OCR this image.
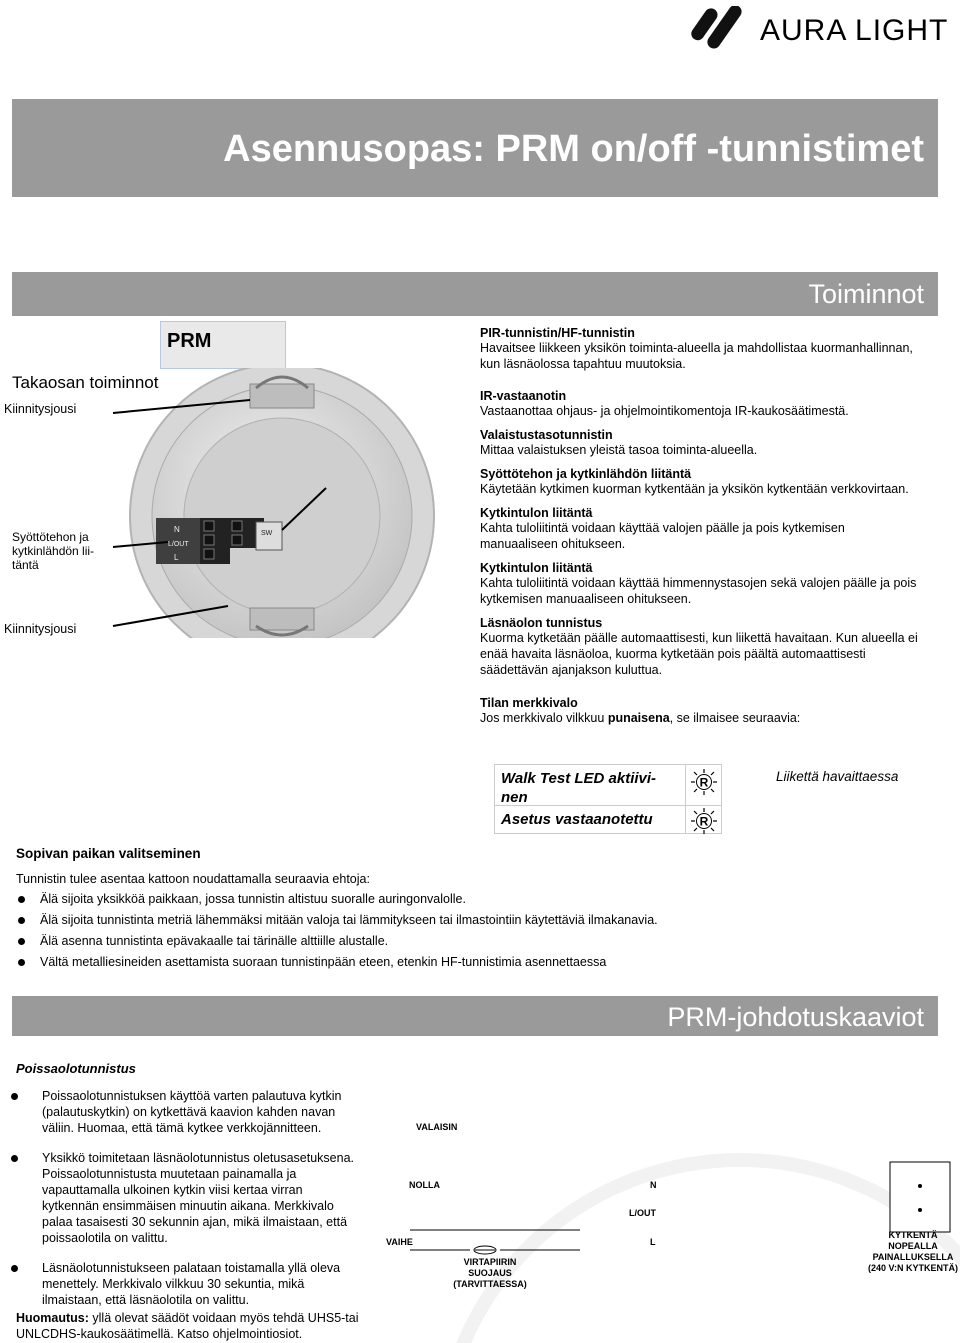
AURA LIGHT
Asennusopas: PRM on/off -tunnistimet
Toiminnot
PRM
Takaosan toiminnot
Kiinnitysjousi
Syöttötehon ja kytkinlähdön lii-täntä
Kiinnitysjousi
N
L/OUT
L
SW
PIR-tunnistin/HF-tunnistin
Havaitsee liikkeen yksikön toiminta-alueella ja mahdollistaa kuormanhallinnan, kun läsnäolossa tapahtuu muutoksia.
IR-vastaanotin
Vastaanottaa ohjaus- ja ohjelmointikomentoja IR-kaukosäätimestä.
Valaistustasotunnistin
Mittaa valaistuksen yleistä tasoa toiminta-alueella.
Syöttötehon ja kytkinlähdön liitäntä
Käytetään kytkimen kuorman kytkentään ja yksikön kytkentään verkkovirtaan.
Kytkintulon liitäntä
Kahta tuloliitintä voidaan käyttää valojen päälle ja pois kytkemisen manuaaliseen ohitukseen.
Kytkintulon liitäntä
Kahta tuloliitintä voidaan käyttää himmennystasojen sekä valojen päälle ja pois kytkemisen manuaaliseen ohitukseen.
Läsnäolon tunnistus
Kuorma kytketään päälle automaattisesti, kun liikettä havaitaan. Kun alueella ei enää havaita läsnäoloa, kuorma kytketään pois päältä automaattisesti säädettävän ajanjakson kuluttua.
Tilan merkkivalo
Jos merkkivalo vilkkuu punaisena, se ilmaisee seuraavia:
Walk Test LED aktiivi-nen
Asetus vastaanotettu
R
R
Liikettä havaittaessa
Sopivan paikan valitseminen
Tunnistin tulee asentaa kattoon noudattamalla seuraavia ehtoja:
Älä sijoita yksikköä paikkaan, jossa tunnistin altistuu suoralle auringonvalolle.
Älä sijoita tunnistinta metriä lähemmäksi mitään valoja tai lämmitykseen tai ilmastointiin käytettäviä ilmakanavia.
Älä asenna tunnistinta epävakaalle tai tärinälle alttiille alustalle.
Vältä metalliesineiden asettamista suoraan tunnistinpään eteen, etenkin HF-tunnistimia asennettaessa
PRM-johdotuskaaviot
Poissaolotunnistus

Poissaolotunnistuksen käyttöä varten palautuva kytkin (palautuskytkin) on kytkettävä kaavion kahden navan väliin. Huomaa, että tämä kytkee verkkojännitteen.

Yksikkö toimitetaan läsnäolotunnistus oletusasetuksena. Poissaolotunnistusta muutetaan painamalla ja vapauttamalla ulkoinen kytkin viisi kertaa virran kytkennän ensimmäisen minuutin aikana. Merkkivalo palaa tasaisesti 30 sekunnin ajan, mikä ilmaistaan, että poissaolotila on valittu.

Läsnäolotunnistukseen palataan toistamalla yllä oleva menettely. Merkkivalo vilkkuu 30 sekuntia, mikä ilmaistaan, että läsnäolotila on valittu.

Huomautus: yllä olevat säädöt voidaan myös tehdä UHS5-tai UNLCDHS-kaukosäätimellä. Katso ohjelmointiosiot.
VALAISIN
NOLLA
VAIHE
VIRTAPIIRIN SUOJAUS (TARVITTAESSA)
N
L/OUT
L
KYTKENTÄ NOPEALLA PAINALLUKSELLA (240 V:N KYTKENTÄ)
